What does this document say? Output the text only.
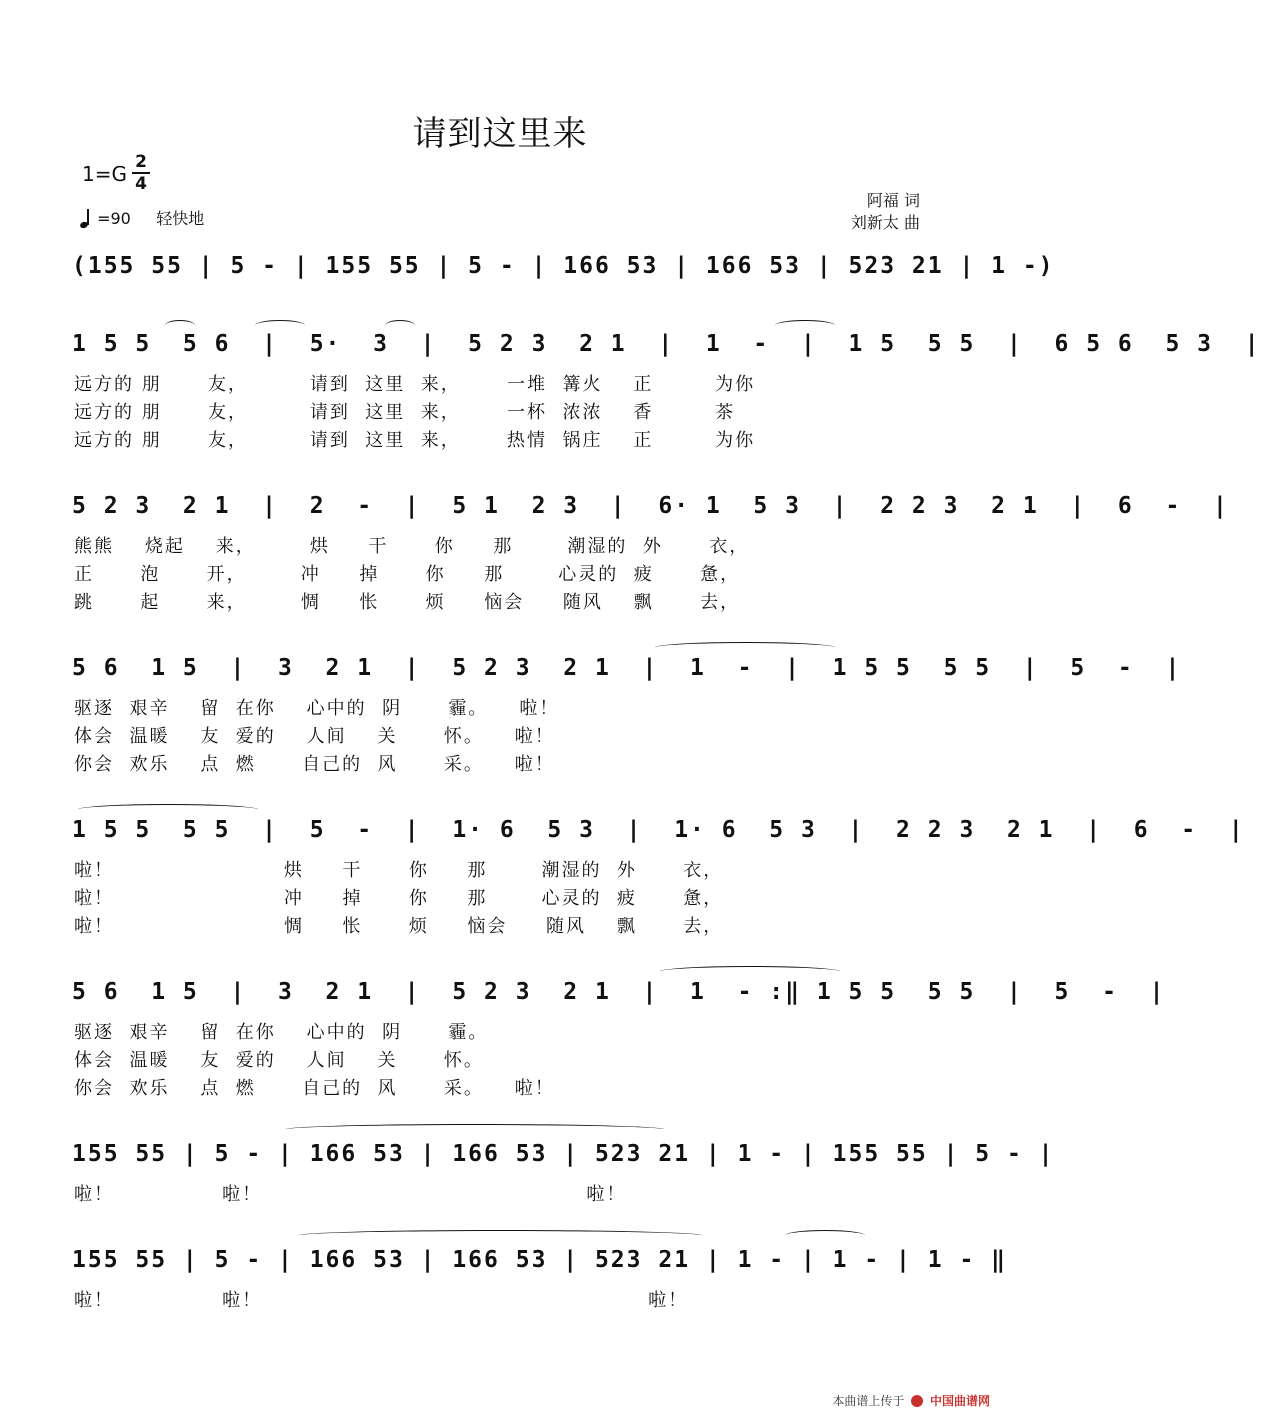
请到这里来
1=G 2
4
=90 轻快地
阿福 词
刘新太 曲
(155 55 | 5 - | 155 55 | 5 - | 166 53 | 166 53 | 523 21 | 1 -)
1 5 5  5 6  |  5·  3  |  5 2 3  2 1  |  1  -  |  1 5  5 5  |  6 5 6  5 3  |
远方的 朋      友，        请到  这里  来，      一堆  篝火    正        为你
远方的 朋      友，        请到  这里  来，      一杯  浓浓    香        茶
远方的 朋      友，        请到  这里  来，      热情  锅庄    正        为你
5 2 3  2 1  |  2  -  |  5 1  2 3  |  6· 1  5 3  |  2 2 3  2 1  |  6  -  |
熊熊    烧起    来，       烘     干      你     那       潮湿的  外      衣，
正      泡      开，       冲     掉      你     那       心灵的  疲      惫，
跳      起      来，       惆     怅      烦     恼会     随风    飘      去，
5 6  1 5  |  3  2 1  |  5 2 3  2 1  |  1  -  |  1 5 5  5 5  |  5  -  |
驱逐  艰辛    留  在你    心中的  阴      霾。    啦！
体会  温暖    友  爱的    人间    关      怀。    啦！
你会  欢乐    点  燃      自己的  风      采。    啦！
1 5 5  5 5  |  5  -  |  1· 6  5 3  |  1· 6  5 3  |  2 2 3  2 1  |  6  -  |
啦！                      烘     干      你     那       潮湿的  外      衣，
啦！                      冲     掉      你     那       心灵的  疲      惫，
啦！                      惆     怅      烦     恼会     随风    飘      去，
5 6  1 5  |  3  2 1  |  5 2 3  2 1  |  1  - :‖ 1 5 5  5 5  |  5  -  |
驱逐  艰辛    留  在你    心中的  阴      霾。
体会  温暖    友  爱的    人间    关      怀。
你会  欢乐    点  燃      自己的  风      采。    啦！
155 55 | 5 - | 166 53 | 166 53 | 523 21 | 1 - | 155 55 | 5 - |
啦！              啦！                                          啦！
155 55 | 5 - | 166 53 | 166 53 | 523 21 | 1 - | 1 - | 1 - ‖
啦！              啦！                                                  啦！
本曲谱上传于 中国曲谱网
